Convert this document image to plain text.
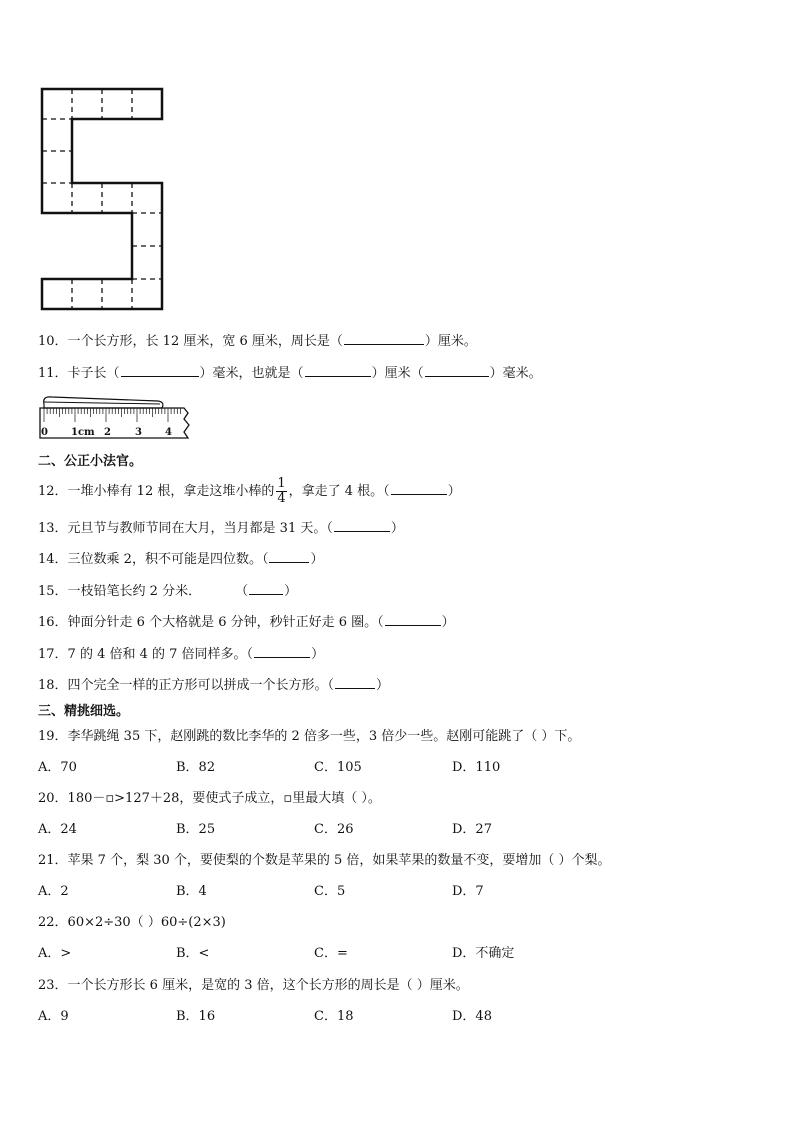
10．一个长方形，长 12 厘米，宽 6 厘米，周长是（	）厘米。
11．卡子长（	）毫米，也就是（	）厘米（	）毫米。
0 1cm 2 3 4
二、公正小法官。
12．一堆小棒有 12 根，拿走这堆小棒的 $\frac{1}{4}$ ，拿走了 4 根。（	）
13．元旦节与教师节同在大月，当月都是 31 天。（	）
14．三位数乘 2，积不可能是四位数。（	）
15．一枝铅笔长约 2 分米．	（	）
16．钟面分针走 6 个大格就是 6 分钟，秒针正好走 6 圈。（	）
17．7 的 4 倍和 4 的 7 倍同样多。（	）
18．四个完全一样的正方形可以拼成一个长方形。（	）
三、精挑细选。
19．李华跳绳 35 下，赵刚跳的数比李华的 2 倍多一些，3 倍少一些。赵刚可能跳了（ ）下。
A．70	B．82	C．105	D．110
20．180－▫>127＋28，要使式子成立，▫里最大填（ ）。
A．24	B．25	C．26	D．27
21．苹果 7 个，梨 30 个，要使梨的个数是苹果的 5 倍，如果苹果的数量不变，要增加（ ）个梨。
A．2	B．4	C．5	D．7
22．60×2÷30（ ）60÷(2×3)
A．>	B．<	C．=	D．不确定
23．一个长方形长 6 厘米，是宽的 3 倍，这个长方形的周长是（ ）厘米。
A．9	B．16	C．18	D．48
